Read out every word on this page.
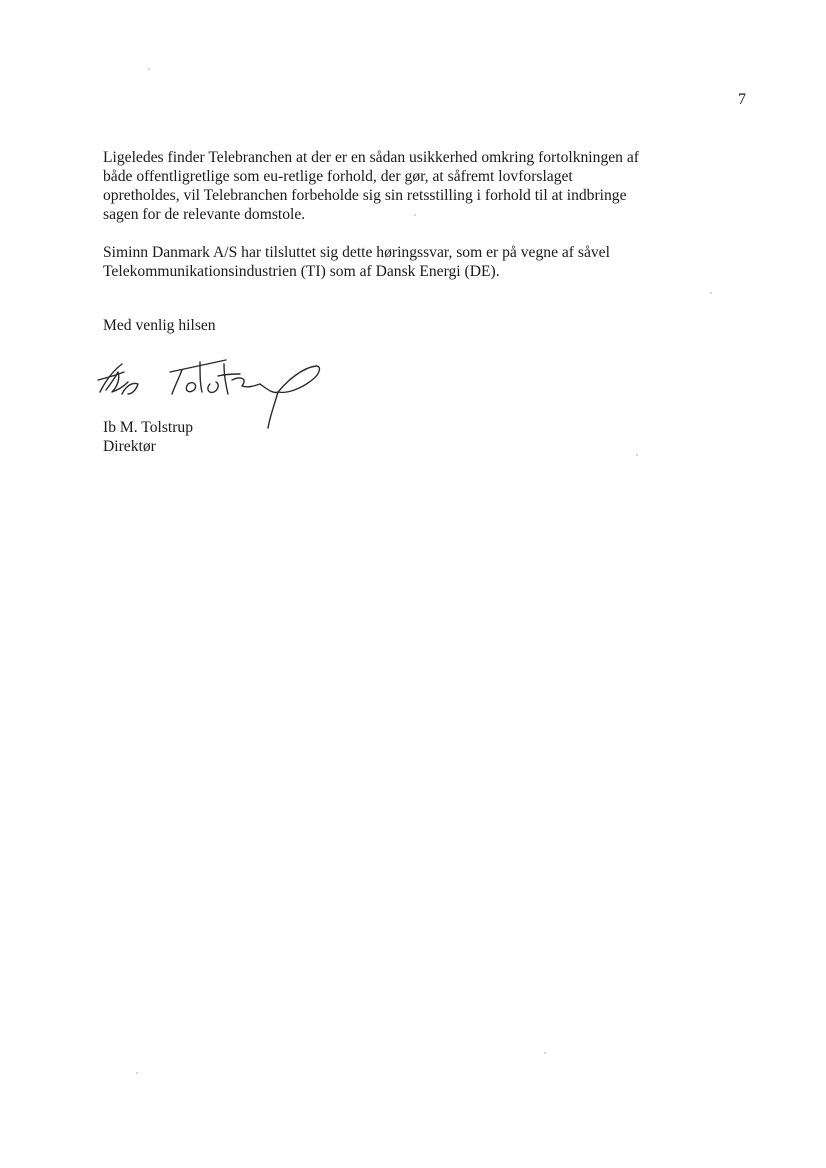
7

Ligeledes finder Telebranchen at der er en sådan usikkerhed omkring fortolkningen af
både offentligretlige som eu-retlige forhold, der gør, at såfremt lovforslaget
opretholdes, vil Telebranchen forbeholde sig sin retsstilling i forhold til at indbringe
sagen for de relevante domstole.

Siminn Danmark A/S har tilsluttet sig dette høringssvar, som er på vegne af såvel
Telekommunikationsindustrien (TI) som af Dansk Energi (DE).

Med venlig hilsen
Ib M. Tolstrup
Direktør
